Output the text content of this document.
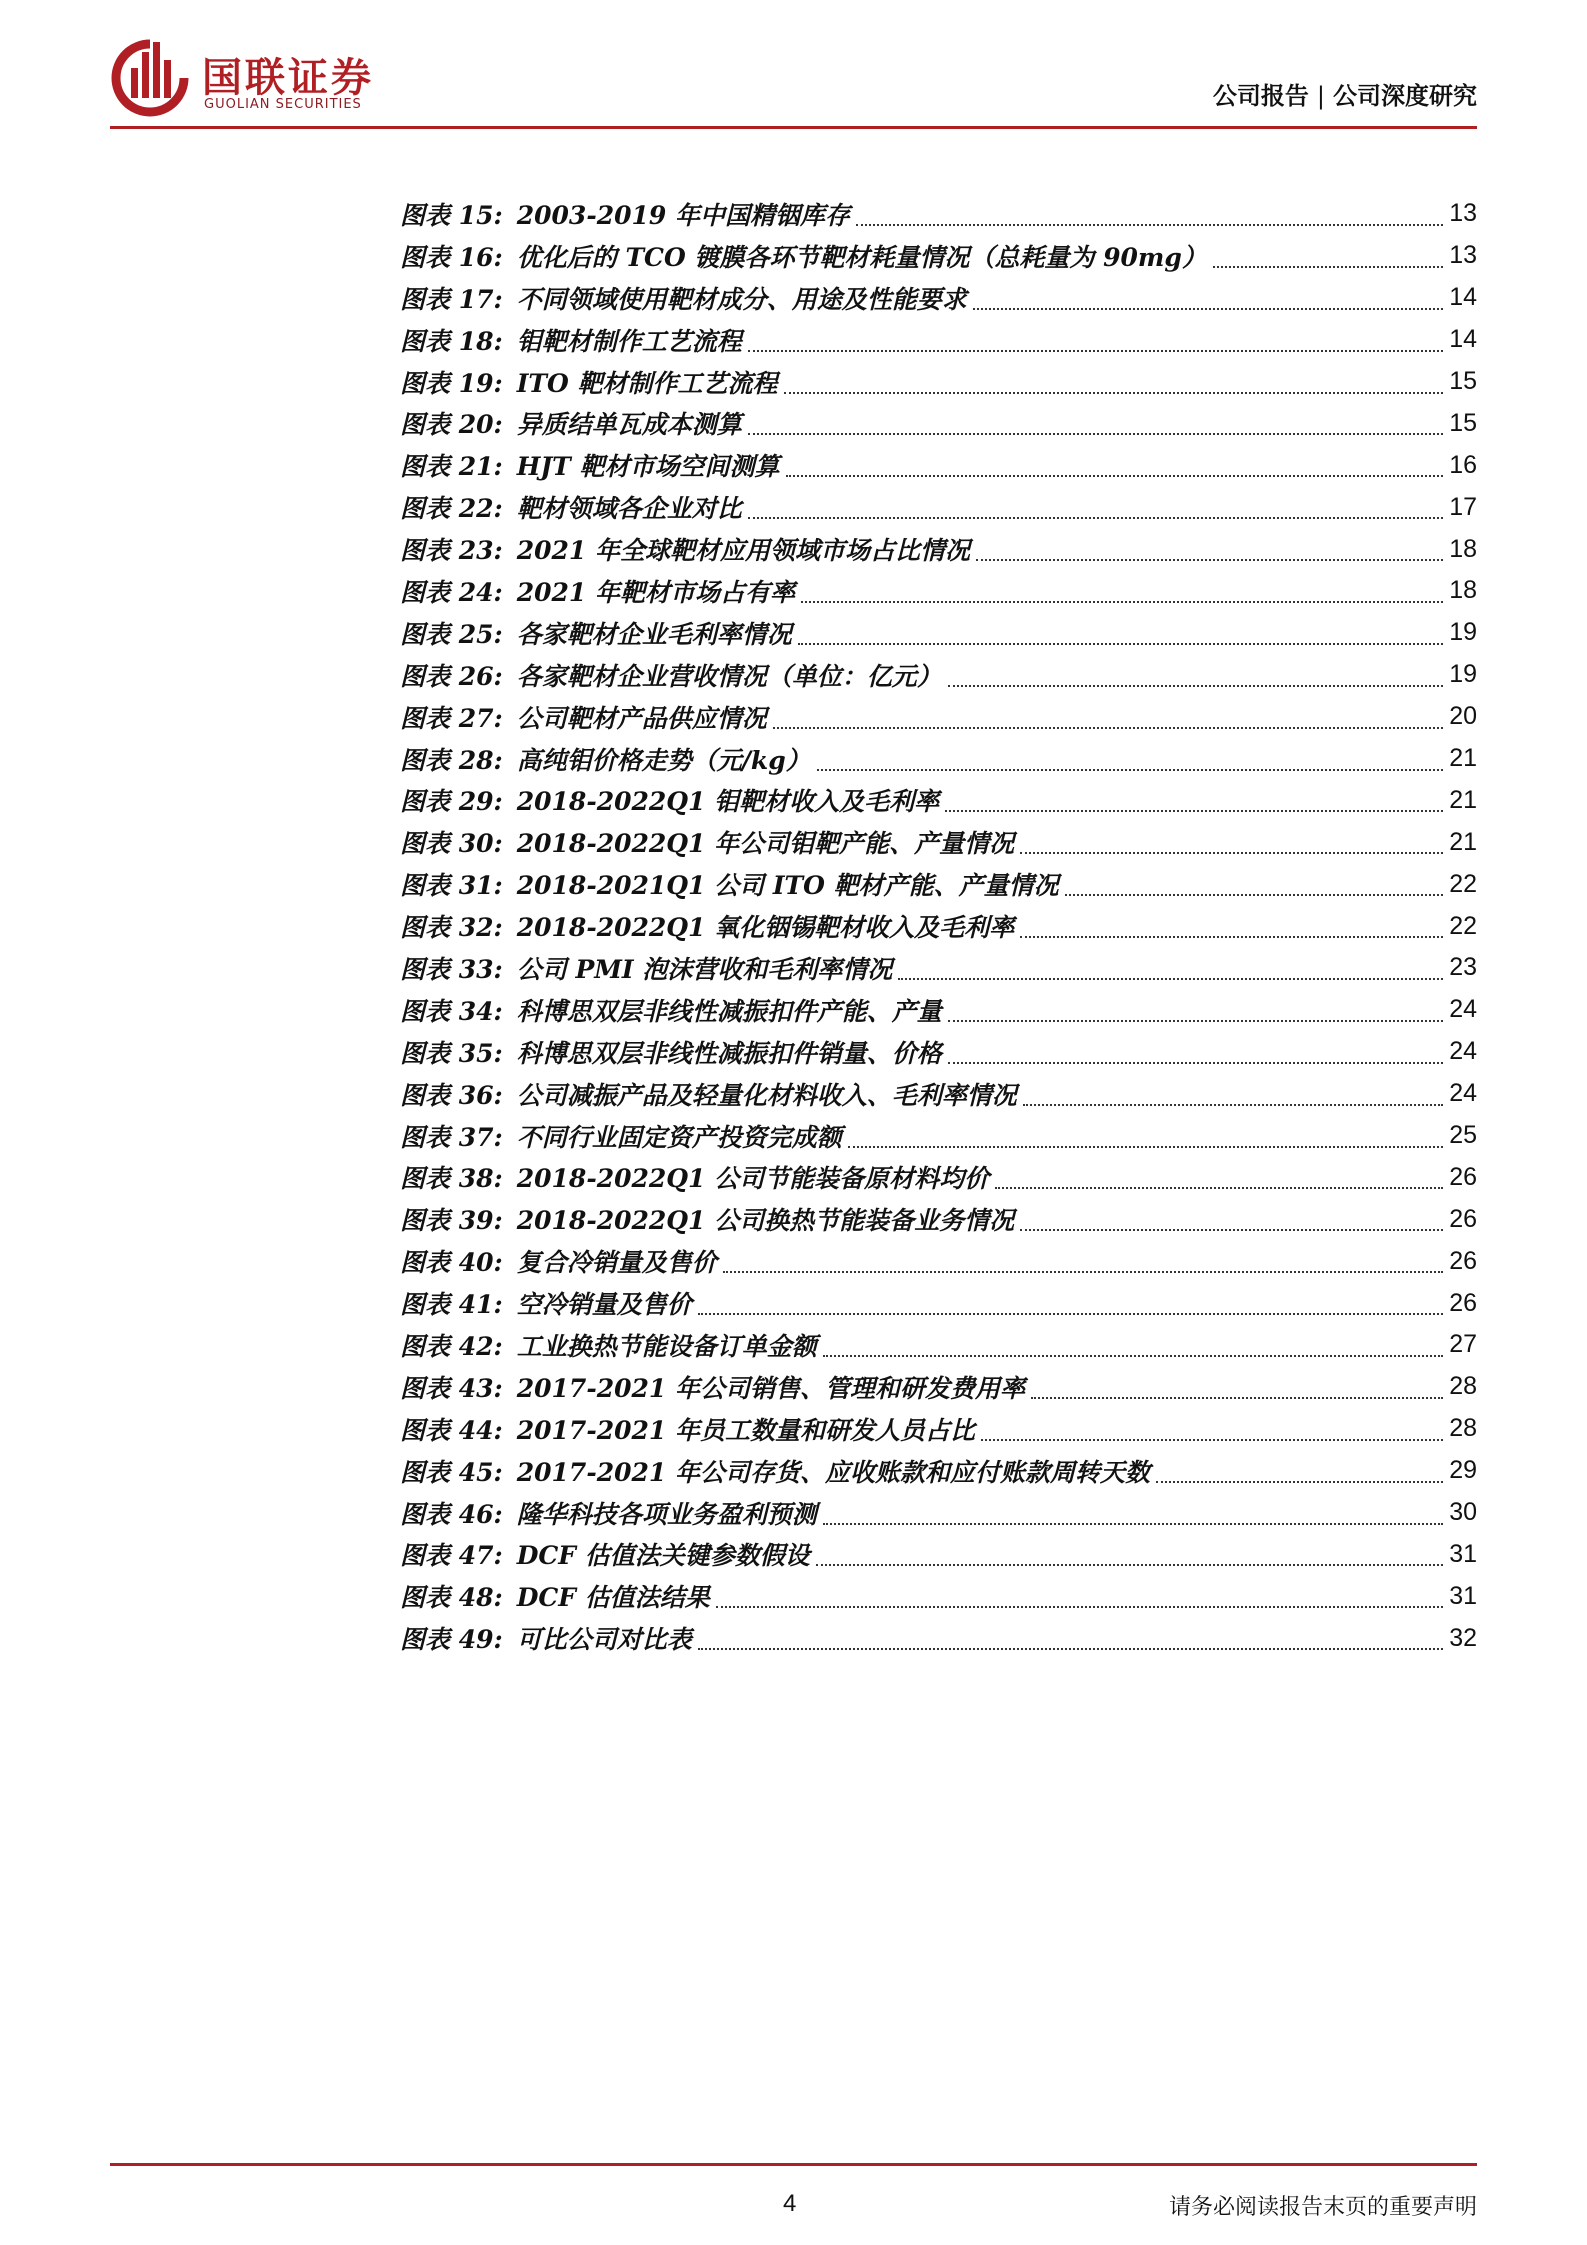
国联证券
GUOLIAN SECURITIES	公司报告 | 公司深度研究
图表 15: 2003-2019 年中国精铟库存	13
图表 16: 优化后的 TCO 镀膜各环节靶材耗量情况（总耗量为 90mg）	13
图表 17: 不同领域使用靶材成分、用途及性能要求	14
图表 18: 钼靶材制作工艺流程	14
图表 19: ITO 靶材制作工艺流程	15
图表 20: 异质结单瓦成本测算	15
图表 21: HJT 靶材市场空间测算	16
图表 22: 靶材领域各企业对比	17
图表 23: 2021 年全球靶材应用领域市场占比情况	18
图表 24: 2021 年靶材市场占有率	18
图表 25: 各家靶材企业毛利率情况	19
图表 26: 各家靶材企业营收情况（单位：亿元）	19
图表 27: 公司靶材产品供应情况	20
图表 28: 高纯钼价格走势（元/kg）	21
图表 29: 2018-2022Q1 钼靶材收入及毛利率	21
图表 30: 2018-2022Q1 年公司钼靶产能、产量情况	21
图表 31: 2018-2021Q1 公司 ITO 靶材产能、产量情况	22
图表 32: 2018-2022Q1 氧化铟锡靶材收入及毛利率	22
图表 33: 公司 PMI 泡沫营收和毛利率情况	23
图表 34: 科博思双层非线性减振扣件产能、产量	24
图表 35: 科博思双层非线性减振扣件销量、价格	24
图表 36: 公司减振产品及轻量化材料收入、毛利率情况	24
图表 37: 不同行业固定资产投资完成额	25
图表 38: 2018-2022Q1 公司节能装备原材料均价	26
图表 39: 2018-2022Q1 公司换热节能装备业务情况	26
图表 40: 复合冷销量及售价	26
图表 41: 空冷销量及售价	26
图表 42: 工业换热节能设备订单金额	27
图表 43: 2017-2021 年公司销售、管理和研发费用率	28
图表 44: 2017-2021 年员工数量和研发人员占比	28
图表 45: 2017-2021 年公司存货、应收账款和应付账款周转天数	29
图表 46: 隆华科技各项业务盈利预测	30
图表 47: DCF 估值法关键参数假设	31
图表 48: DCF 估值法结果	31
图表 49: 可比公司对比表	32
4	请务必阅读报告末页的重要声明
